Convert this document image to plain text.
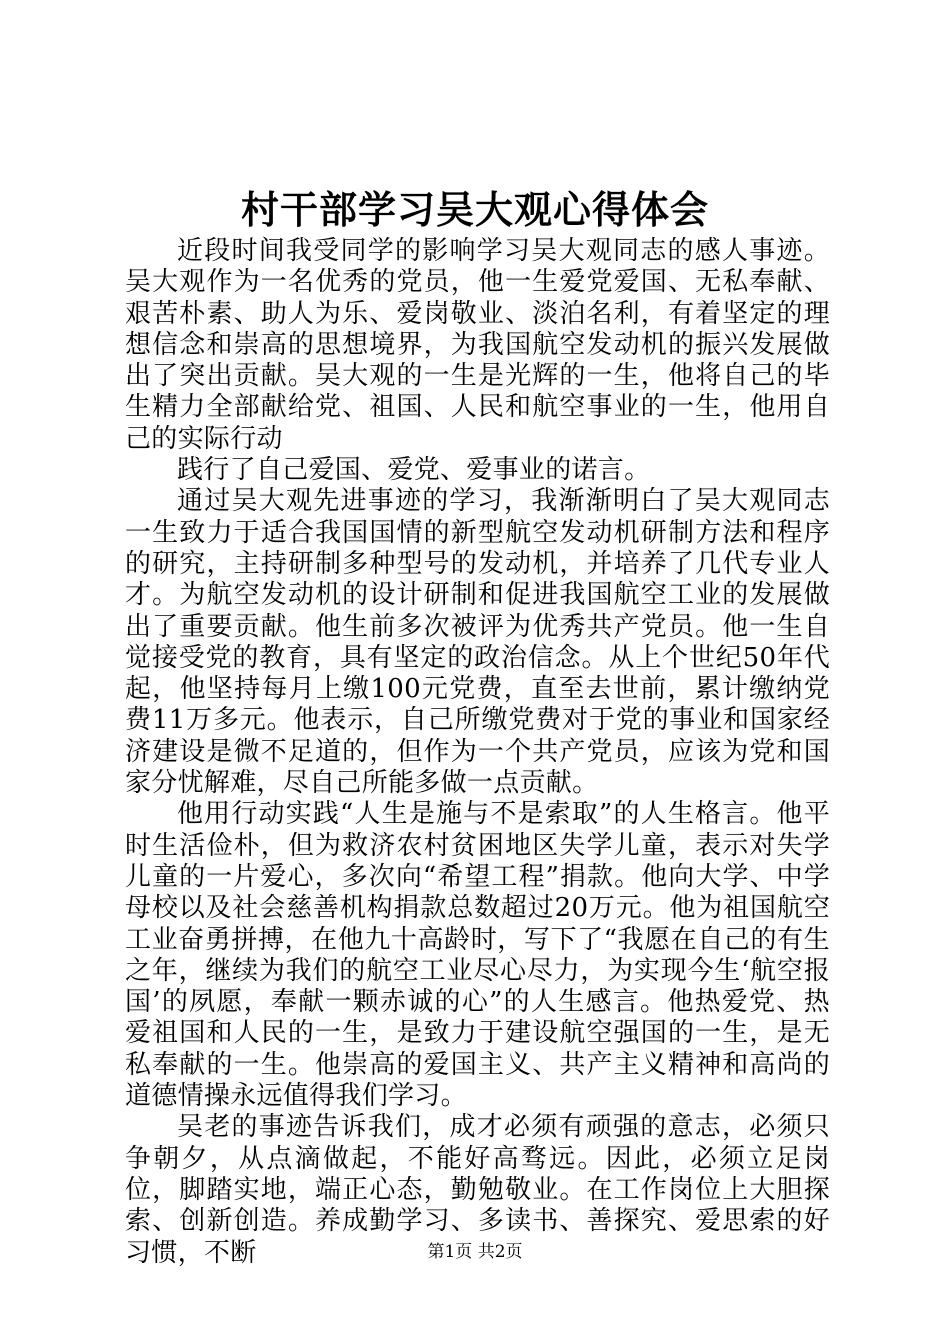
村干部学习吴大观心得体会

近段时间我受同学的影响学习吴大观同志的感人事迹。吴大观作为一名优秀的党员，他一生爱党爱国、无私奉献、艰苦朴素、助人为乐、爱岗敬业、淡泊名利，有着坚定的理想信念和崇高的思想境界，为我国航空发动机的振兴发展做出了突出贡献。吴大观的一生是光辉的一生，他将自己的毕生精力全部献给党、祖国、人民和航空事业的一生，他用自己的实际行动

践行了自己爱国、爱党、爱事业的诺言。

通过吴大观先进事迹的学习，我渐渐明白了吴大观同志一生致力于适合我国国情的新型航空发动机研制方法和程序的研究，主持研制多种型号的发动机，并培养了几代专业人才。为航空发动机的设计研制和促进我国航空工业的发展做出了重要贡献。他生前多次被评为优秀共产党员。他一生自觉接受党的教育，具有坚定的政治信念。从上个世纪50年代起，他坚持每月上缴100元党费，直至去世前，累计缴纳党费11万多元。他表示，自己所缴党费对于党的事业和国家经济建设是微不足道的，但作为一个共产党员，应该为党和国家分忧解难，尽自己所能多做一点贡献。

他用行动实践“人生是施与不是索取”的人生格言。他平时生活俭朴，但为救济农村贫困地区失学儿童，表示对失学儿童的一片爱心，多次向“希望工程”捐款。他向大学、中学母校以及社会慈善机构捐款总数超过20万元。他为祖国航空工业奋勇拼搏，在他九十高龄时，写下了“我愿在自己的有生之年，继续为我们的航空工业尽心尽力，为实现今生‘航空报国’的夙愿，奉献一颗赤诚的心”的人生感言。他热爱党、热爱祖国和人民的一生，是致力于建设航空强国的一生，是无私奉献的一生。他崇高的爱国主义、共产主义精神和高尚的道德情操永远值得我们学习。

吴老的事迹告诉我们，成才必须有顽强的意志，必须只争朝夕，从点滴做起，不能好高骛远。因此，必须立足岗位，脚踏实地，端正心态，勤勉敬业。在工作岗位上大胆探索、创新创造。养成勤学习、多读书、善探究、爱思索的好习惯，不断	第1页 共2页
